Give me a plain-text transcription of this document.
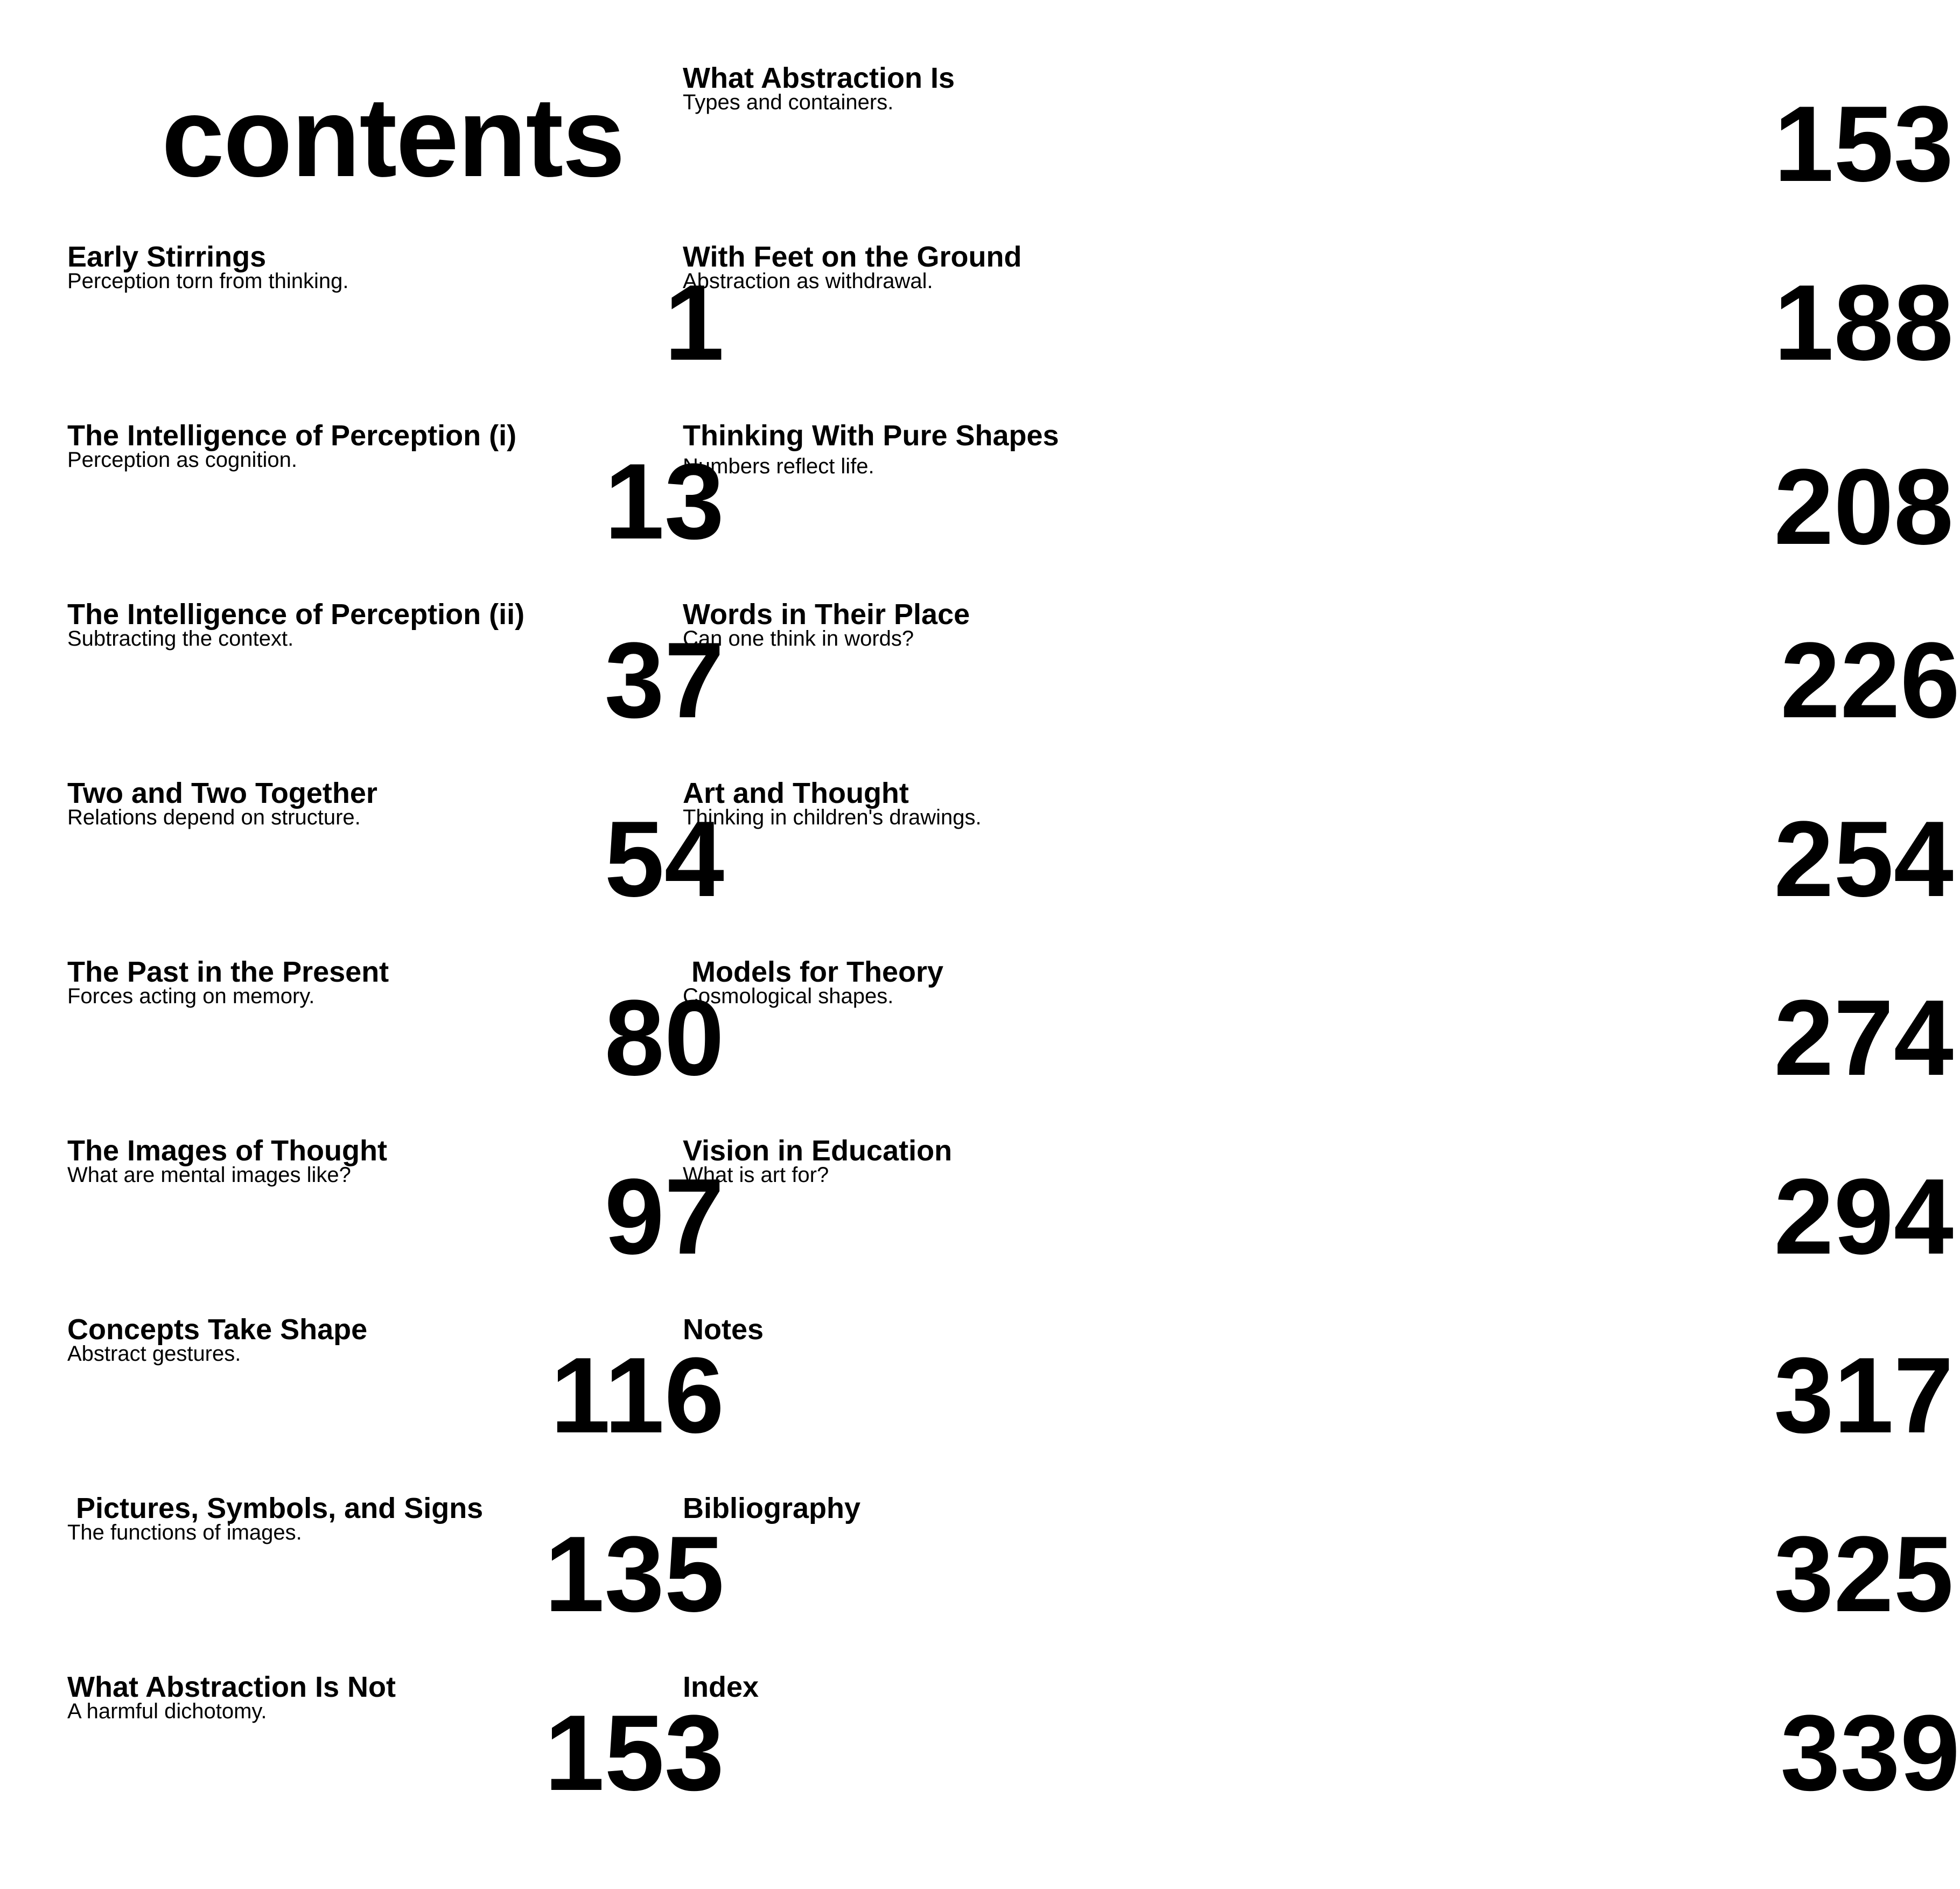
contents
Early Stirrings
Perception torn from thinking.	1
The Intelligence of Perception (i)
Perception as cognition.	13
The Intelligence of Perception (ii)
Subtracting the context.	37
Two and Two Together
Relations depend on structure.	54
The Past in the Present
Forces acting on memory.	80
The Images of Thought
What are mental images like?	97
Concepts Take Shape
Abstract gestures.	116
Pictures, Symbols, and Signs
The functions of images.	135
What Abstraction Is Not
A harmful dichotomy.	153
What Abstraction Is
Types and containers.	153
With Feet on the Ground
Abstraction as withdrawal.	188
Thinking With Pure Shapes
Numbers reflect life.	208
Words in Their Place
Can one think in words?	226
Art and Thought
Thinking in children's drawings.	254
Models for Theory
Cosmological shapes.	274
Vision in Education
What is art for?	294
Notes
317
Bibliography
325
Index
339
